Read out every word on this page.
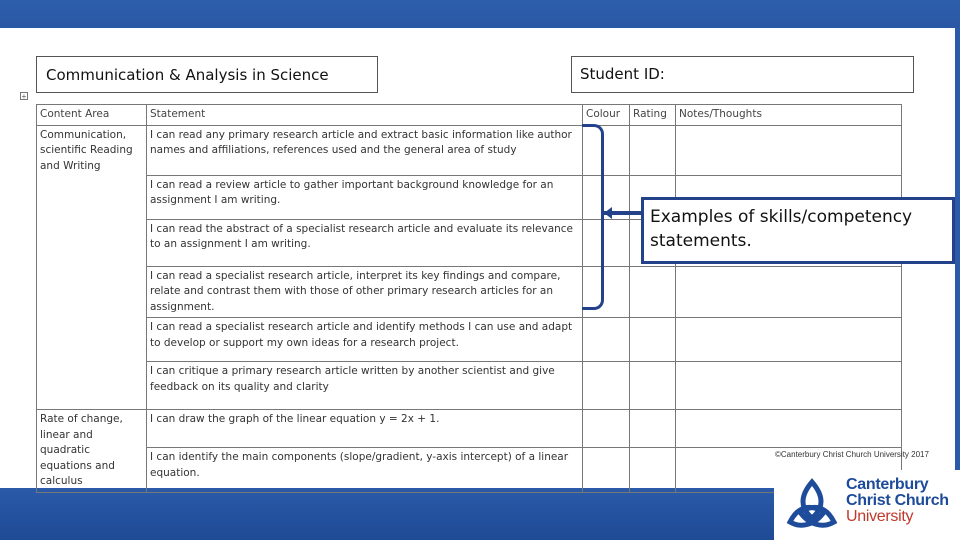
Communication & Analysis in Science	Student ID:
+
Content Area	Statement	Colour	Rating	Notes/Thoughts
Communication, scientific Reading and Writing	I can read any primary research article and extract basic information like author names and affiliations, references used and the general area of study			
	I can read a review article to gather important background knowledge for an assignment I am writing.			
	I can read the abstract of a specialist research article and evaluate its relevance to an assignment I am writing.			
	I can read a specialist research article, interpret its key findings and compare, relate and contrast them with those of other primary research articles for an assignment.			
	I can read a specialist research article and identify methods I can use and adapt to develop or support my own ideas for a research project.			
	I can critique a primary research article written by another scientist and give feedback on its quality and clarity			
Rate of change, linear and quadratic equations and calculus	I can draw the graph of the linear equation y = 2x + 1.			
	I can identify the main components (slope/gradient, y-axis intercept) of a linear equation.			
Examples of skills/competency statements.
©Canterbury Christ Church University 2017
Canterbury
Christ Church
University
